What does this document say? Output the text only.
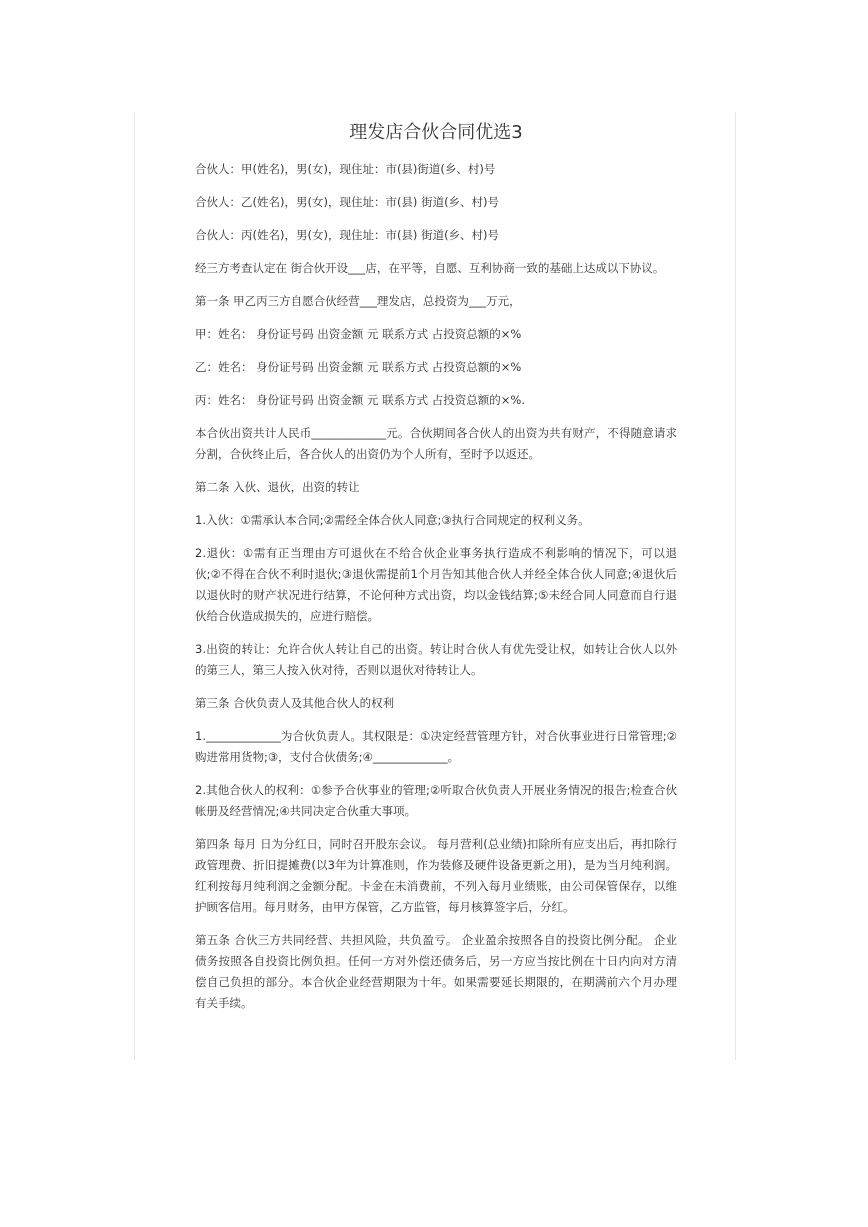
理发店合伙合同优选3

合伙人：甲(姓名)，男(女)，现住址：市(县)街道(乡、村)号

合伙人：乙(姓名)，男(女)，现住址：市(县) 街道(乡、村)号

合伙人：丙(姓名)，男(女)，现住址：市(县) 街道(乡、村)号

经三方考查认定在 街合伙开设___店，在平等，自愿、互利协商一致的基础上达成以下协议。

第一条 甲乙丙三方自愿合伙经营___理发店，总投资为___万元，

甲：姓名： 身份证号码 出资金额 元 联系方式 占投资总额的×%

乙：姓名： 身份证号码 出资金额 元 联系方式 占投资总额的×%

丙：姓名： 身份证号码 出资金额 元 联系方式 占投资总额的×%.

本合伙出资共计人民币_____________元。合伙期间各合伙人的出资为共有财产，不得随意请求分割，合伙终止后，各合伙人的出资仍为个人所有，至时予以返还。

第二条 入伙、退伙，出资的转让

1.入伙：①需承认本合同;②需经全体合伙人同意;③执行合同规定的权利义务。

2.退伙：①需有正当理由方可退伙在不给合伙企业事务执行造成不利影响的情况下，可以退伙;②不得在合伙不利时退伙;③退伙需提前1个月告知其他合伙人并经全体合伙人同意;④退伙后以退伙时的财产状况进行结算，不论何种方式出资，均以金钱结算;⑤未经合同人同意而自行退伙给合伙造成损失的，应进行赔偿。

3.出资的转让：允许合伙人转让自己的出资。转让时合伙人有优先受让权，如转让合伙人以外的第三人，第三人按入伙对待，否则以退伙对待转让人。

第三条 合伙负责人及其他合伙人的权利

1._____________为合伙负责人。其权限是：①决定经营管理方针，对合伙事业进行日常管理;②购进常用货物;③，支付合伙债务;④_____________。

2.其他合伙人的权利：①参予合伙事业的管理;②听取合伙负责人开展业务情况的报告;检查合伙帐册及经营情况;④共同决定合伙重大事项。

第四条 每月 日为分红日，同时召开股东会议。 每月营利(总业绩)扣除所有应支出后，再扣除行政管理费、折旧提摊费(以3年为计算准则，作为装修及硬件设备更新之用)，是为当月纯利润。红利按每月纯利润之金额分配。卡金在未消费前，不列入每月业绩账，由公司保管保存，以维护顾客信用。每月财务，由甲方保管，乙方监管，每月核算签字后，分红。

第五条 合伙三方共同经营、共担风险，共负盈亏。 企业盈余按照各自的投资比例分配。 企业债务按照各自投资比例负担。任何一方对外偿还债务后，另一方应当按比例在十日内向对方清偿自己负担的部分。本合伙企业经营期限为十年。如果需要延长期限的，在期满前六个月办理有关手续。
